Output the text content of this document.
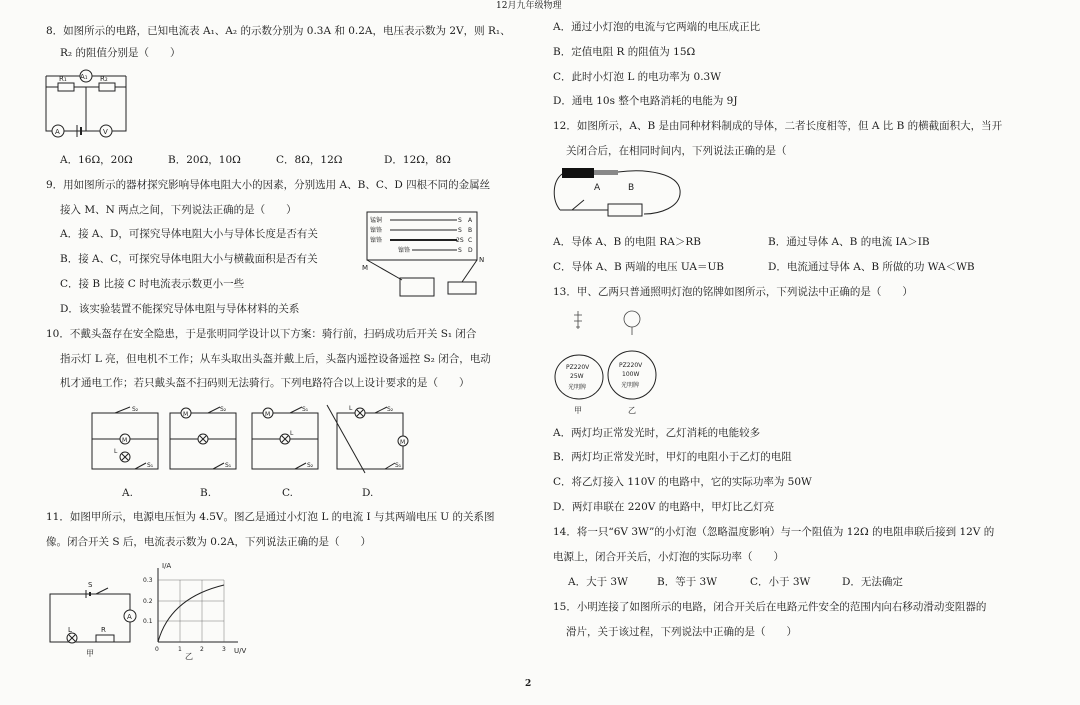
12月九年级物理
2
8．如图所示的电路，已知电流表 A₁、A₂ 的示数分别为 0.3A 和 0.2A，电压表示数为 2V，则 R₁、
R₂ 的阻值分别是（　　）
A₁
R₁	R₂
A	V
A．16Ω，20Ω	B．20Ω，10Ω	C．8Ω，12Ω	D．12Ω，8Ω
9．用如图所示的器材探究影响导体电阻大小的因素，分别选用 A、B、C、D 四根不同的金属丝
接入 M、N 两点之间，下列说法正确的是（　　）
A．接 A、D，可探究导体电阻大小与导体长度是否有关
B．接 A、C，可探究导体电阻大小与横截面积是否有关
C．接 B 比接 C 时电流表示数更小一些
D．该实验装置不能探究导体电阻与导体材料的关系
锰铜
镍铬
镍铬
镍铬
S
S
2S
S
A
B
C
D
M
N
10．不戴头盔存在安全隐患，于是张明同学设计以下方案：骑行前，扫码成功后开关 S₁ 闭合
指示灯 L 亮，但电机不工作；从车头取出头盔并戴上后，头盔内遥控设备遥控 S₂ 闭合，电动
机才通电工作；若只戴头盔不扫码则无法骑行。下列电路符合以上设计要求的是（　　）
M
L
S₂
S₁
M
S₂
S₁
M
L
S₁
S₂
L
M
S₂
S₁
A.	B.	C.	D.
11．如图甲所示，电源电压恒为 4.5V。图乙是通过小灯泡 L 的电流 I 与其两端电压 U 的关系图
像。闭合开关 S 后，电流表示数为 0.2A，下列说法正确的是（　　）
S
A
L	R
甲
I/A
U/V
0.3
0.2
0.1
0	1	2	3
乙
A．通过小灯泡的电流与它两端的电压成正比
B．定值电阻 R 的阻值为 15Ω
C．此时小灯泡 L 的电功率为 0.3W
D．通电 10s 整个电路消耗的电能为 9J
12．如图所示，A、B 是由同种材料制成的导体，二者长度相等，但 A 比 B 的横截面积大，当开
关闭合后，在相同时间内，下列说法正确的是（
A	B
A．导体 A、B 的电阻 RA＞RB	B．通过导体 A、B 的电流 IA＞IB
C．导体 A、B 两端的电压 UA＝UB	D．电流通过导体 A、B 所做的功 WA＜WB
13．甲、乙两只普通照明灯泡的铭牌如图所示，下列说法中正确的是（　　）
PZ220V
25W
光明牌
PZ220V
100W
光明牌
甲	乙
A．两灯均正常发光时，乙灯消耗的电能较多
B．两灯均正常发光时，甲灯的电阻小于乙灯的电阻
C．将乙灯接入 110V 的电路中，它的实际功率为 50W
D．两灯串联在 220V 的电路中，甲灯比乙灯亮
14．将一只“6V 3W”的小灯泡（忽略温度影响）与一个阻值为 12Ω 的电阻串联后接到 12V 的
电源上，闭合开关后，小灯泡的实际功率（　　）
A．大于 3W	B．等于 3W	C．小于 3W	D．无法确定
15．小明连接了如图所示的电路，闭合开关后在电路元件安全的范围内向右移动滑动变阻器的
滑片，关于该过程，下列说法中正确的是（　　）
